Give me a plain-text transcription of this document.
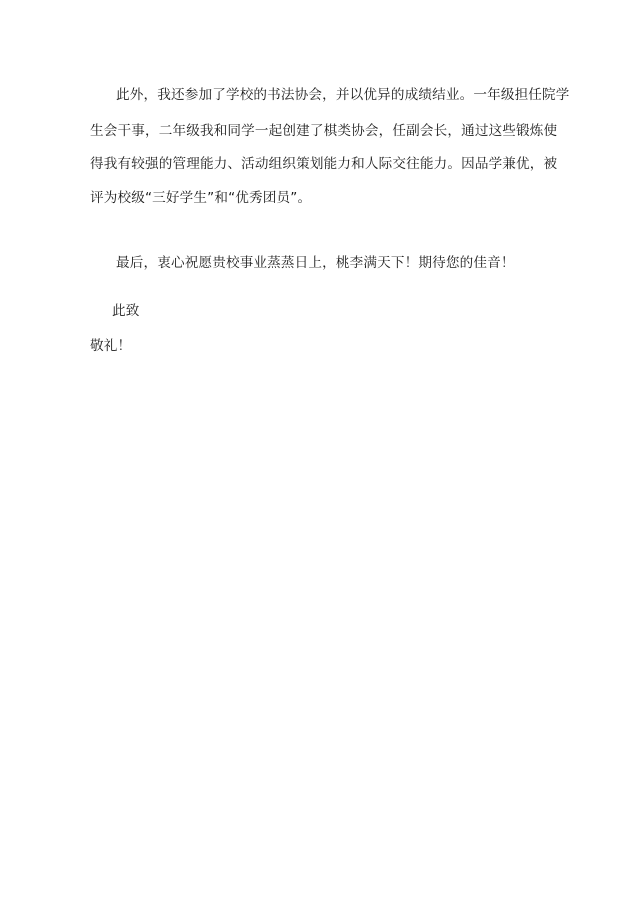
此外，我还参加了学校的书法协会，并以优异的成绩结业。一年级担任院学
生会干事，二年级我和同学一起创建了棋类协会，任副会长，通过这些锻炼使
得我有较强的管理能力、活动组织策划能力和人际交往能力。因品学兼优，被
评为校级“三好学生”和“优秀团员”。
最后，衷心祝愿贵校事业蒸蒸日上，桃李满天下！期待您的佳音！
此致
敬礼！
